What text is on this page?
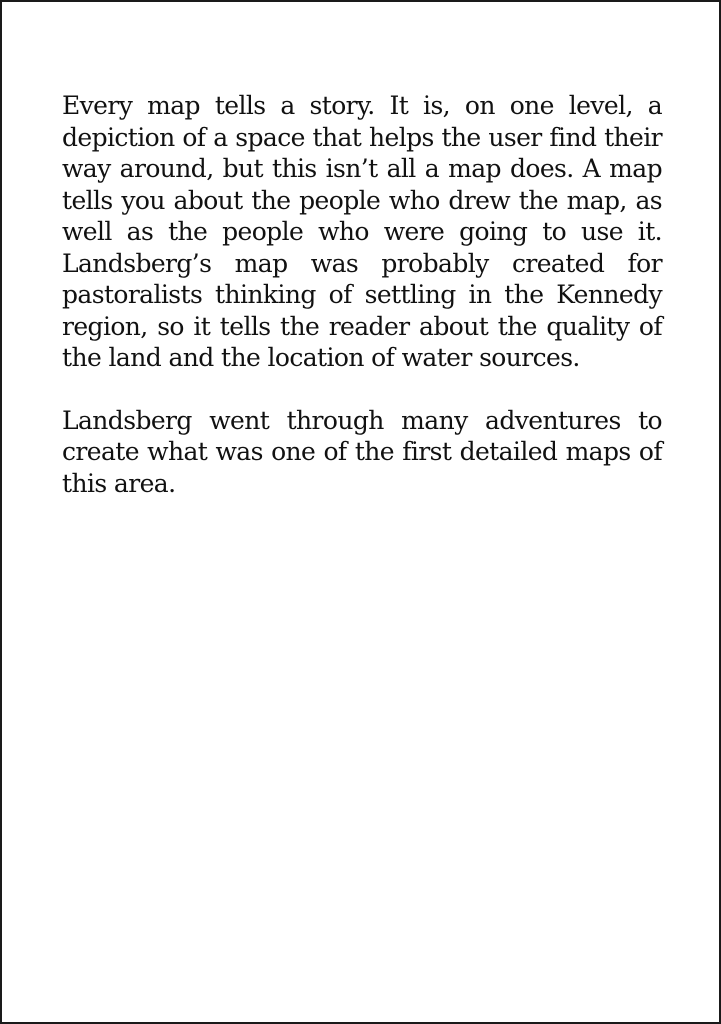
Every map tells a story. It is, on one level, a depiction of a space that helps the user find their way around, but this isn’t all a map does. A map tells you about the people who drew the map, as well as the people who were going to use it. Landsberg’s map was probably created for pastoralists thinking of settling in the Kennedy region, so it tells the reader about the quality of the land and the location of water sources.

Landsberg went through many adventures to create what was one of the first detailed maps of this area.
